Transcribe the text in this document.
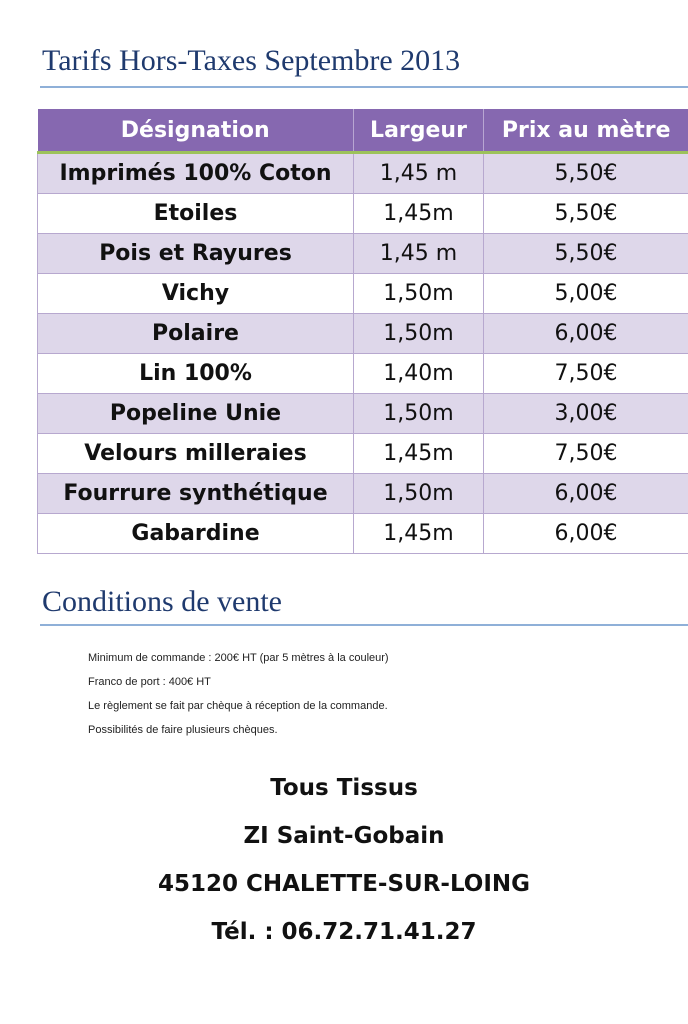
Tarifs Hors-Taxes Septembre 2013
Désignation	Largeur	Prix au mètre
Imprimés 100% Coton	1,45 m	5,50€
Etoiles	1,45m	5,50€
Pois et Rayures	1,45 m	5,50€
Vichy	1,50m	5,00€
Polaire	1,50m	6,00€
Lin 100%	1,40m	7,50€
Popeline Unie	1,50m	3,00€
Velours milleraies	1,45m	7,50€
Fourrure synthétique	1,50m	6,00€
Gabardine	1,45m	6,00€
Conditions de vente
Minimum de commande : 200€ HT (par 5 mètres à la couleur)
Franco de port : 400€ HT
Le règlement se fait par chèque à réception de la commande.
Possibilités de faire plusieurs chèques.
Tous Tissus
ZI Saint-Gobain
45120 CHALETTE-SUR-LOING
Tél. : 06.72.71.41.27
